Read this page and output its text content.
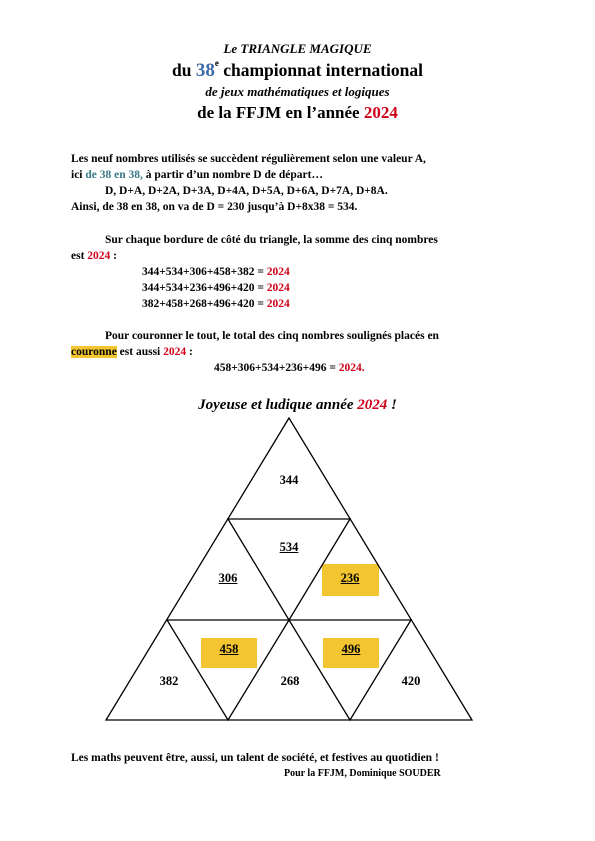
Le TRIANGLE MAGIQUE
du 38e championnat international
de jeux mathématiques et logiques
de la FFJM en l’année 2024
Les neuf nombres utilisés se succèdent régulièrement selon une valeur A,
ici de 38 en 38, à partir d’un nombre D de départ…
D, D+A, D+2A, D+3A, D+4A, D+5A, D+6A, D+7A, D+8A.
Ainsi, de 38 en 38, on va de D = 230 jusqu’à D+8x38 = 534.
Sur chaque bordure de côté du triangle, la somme des cinq nombres
est 2024 :
344+534+306+458+382 = 2024
344+534+236+496+420 = 2024
382+458+268+496+420 = 2024
Pour couronner le tout, le total des cinq nombres soulignés placés en
couronne est aussi 2024 :
458+306+534+236+496 = 2024.
Joyeuse et ludique année 2024 !
344
534
306	236
458	496
382	268	420
Les maths peuvent être, aussi, un talent de société, et festives au quotidien !
Pour la FFJM, Dominique SOUDER
